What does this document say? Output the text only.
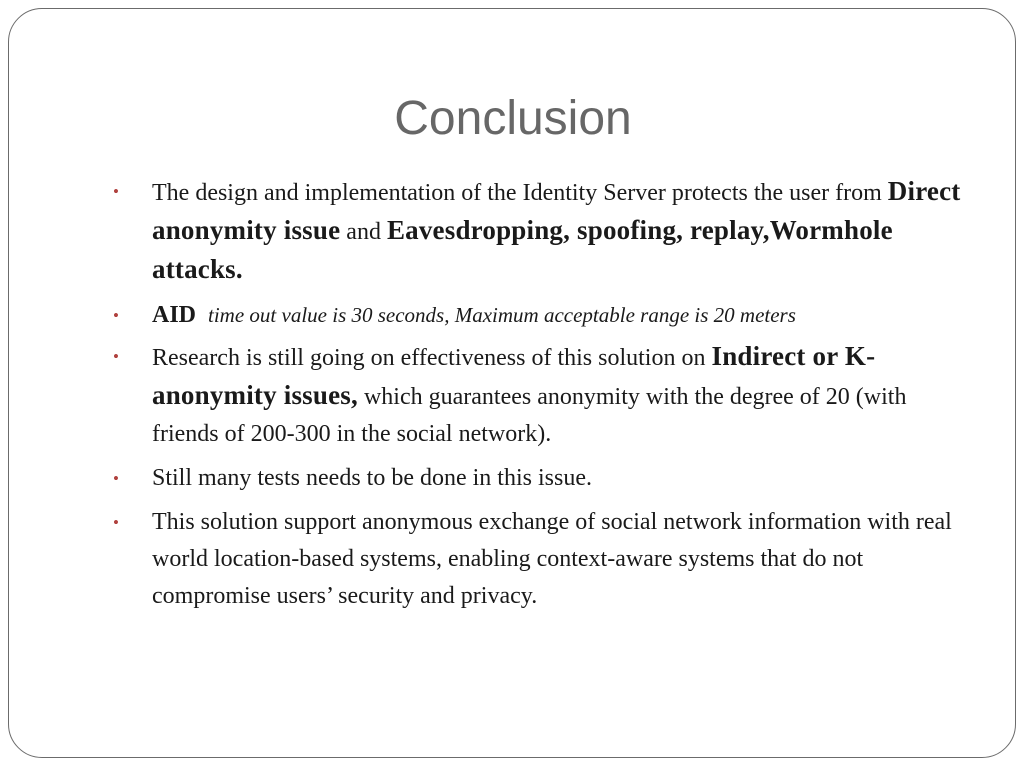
Conclusion
•	The design and implementation of the Identity Server protects the user from Direct anonymity issue and Eavesdropping, spoofing, replay,Wormhole attacks.
•	AID time out value is 30 seconds, Maximum acceptable range is 20 meters
•	Research is still going on effectiveness of this solution on Indirect or K-anonymity issues, which guarantees anonymity with the degree of 20 (with friends of 200-300 in the social network).
•	Still many tests needs to be done in this issue.
•	This solution support anonymous exchange of social network information with real world location-based systems, enabling context-aware systems that do not compromise users’ security and privacy.
